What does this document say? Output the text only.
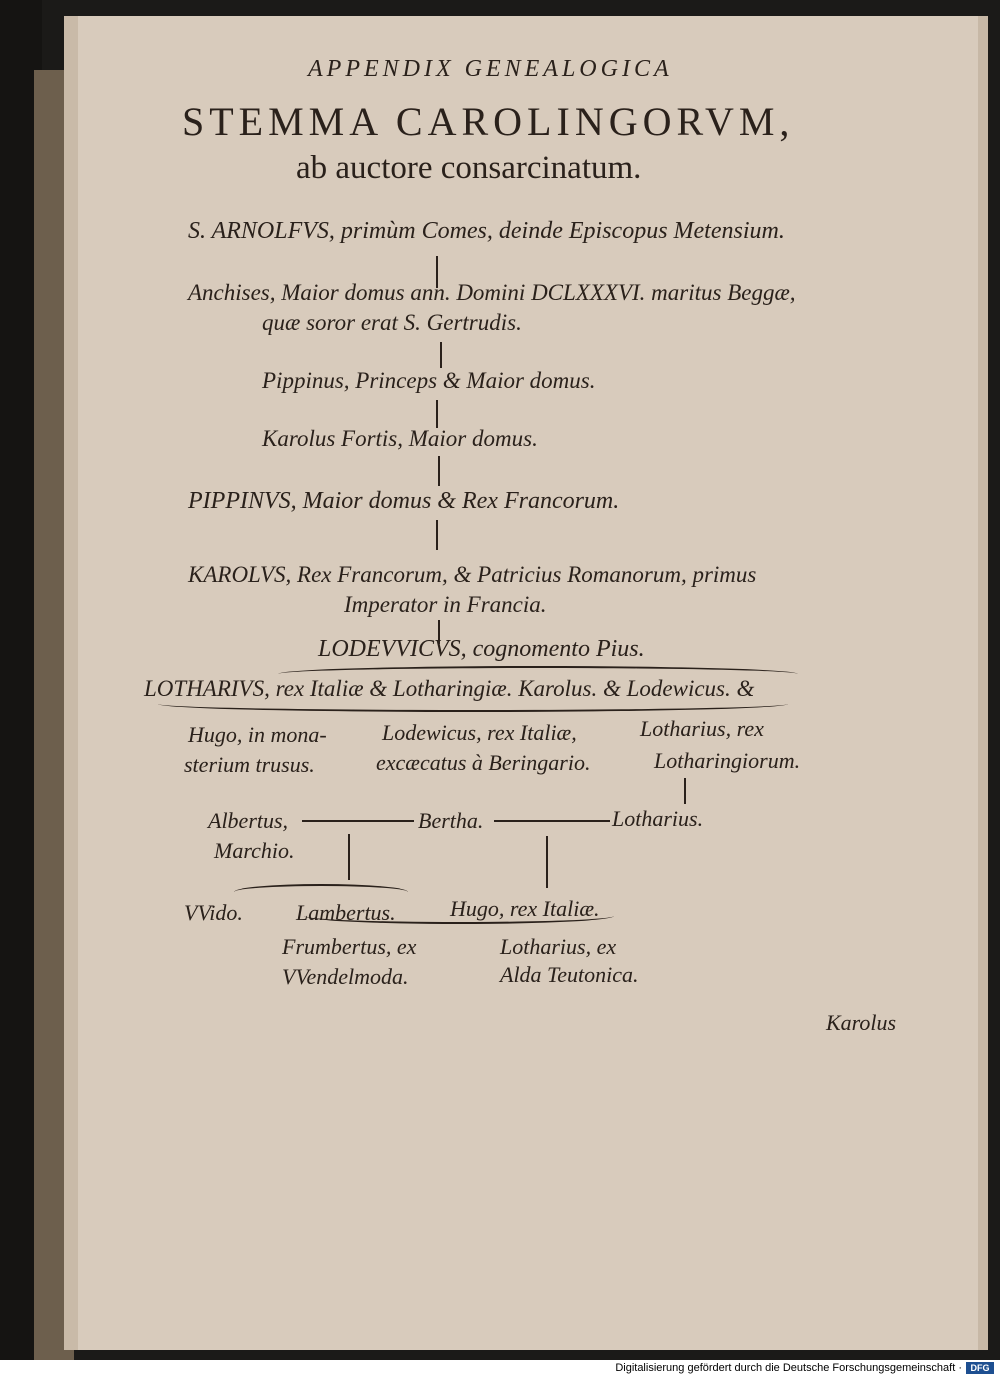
APPENDIX GENEALOGICA
STEMMA CAROLINGORVM,
ab auctore consarcinatum.
S. ARNOLFVS, primùm Comes, deinde Episcopus Metensium.
Anchises, Maior domus ann. Domini DCLXXXVI. maritus Beggæ,
quæ soror erat S. Gertrudis.
Pippinus, Princeps & Maior domus.
Karolus Fortis, Maior domus.
PIPPINVS, Maior domus & Rex Francorum.
KAROLVS, Rex Francorum, & Patricius Romanorum, primus
Imperator in Francia.
LODEVVICVS, cognomento Pius.
LOTHARIVS, rex Italiæ & Lotharingiæ. Karolus. & Lodewicus. &
Hugo, in mona-
sterium trusus.
Lodewicus, rex Italiæ,
excæcatus à Beringario.
Lotharius, rex
Lotharingiorum.
Albertus,
Marchio.
Bertha.	Lotharius.
VVido. Lambertus. Hugo, rex Italiæ.
Frumbertus, ex
VVendelmoda.
Lotharius, ex
Alda Teutonica.
Karolus
Digitalisierung gefördert durch die Deutsche Forschungsgemeinschaft · DFG
